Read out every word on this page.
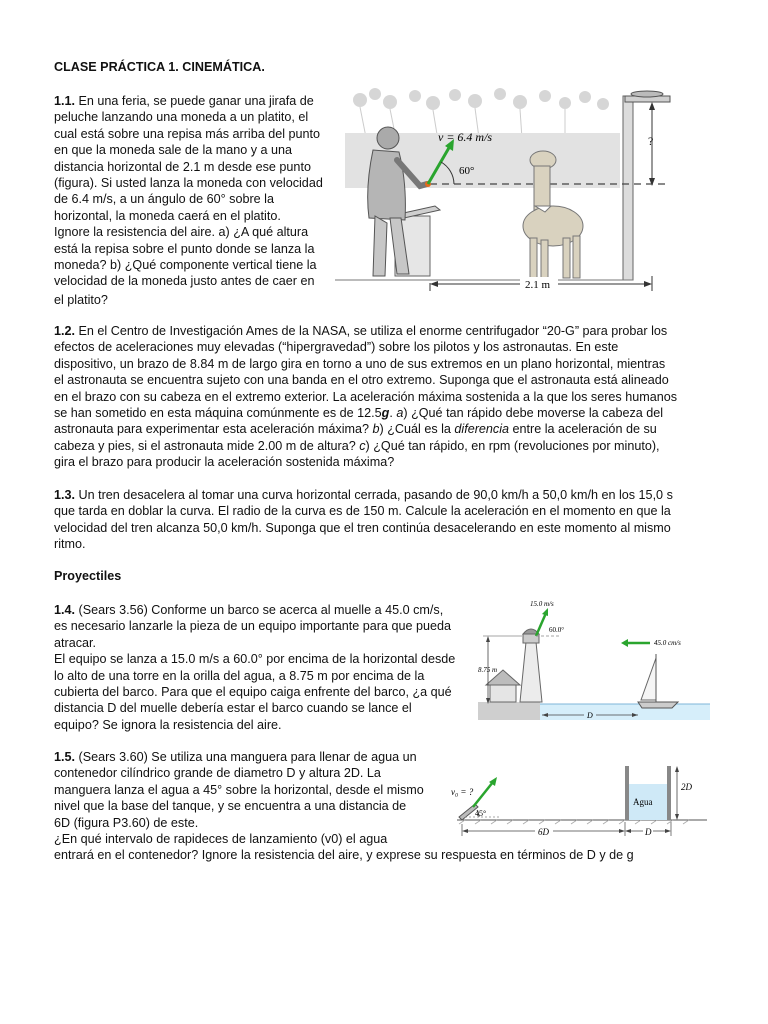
CLASE PRÁCTICA 1. CINEMÁTICA.
1.1. En una feria, se puede ganar una jirafa de
peluche lanzando una moneda a un platito, el
cual está sobre una repisa más arriba del punto
en que la moneda sale de la mano y a una
distancia horizontal de 2.1 m desde ese punto
(figura). Si usted lanza la moneda con velocidad
de 6.4 m/s, a un ángulo de 60° sobre la
horizontal, la moneda caerá en el platito.
Ignore la resistencia del aire. a) ¿A qué altura
está la repisa sobre el punto donde se lanza la
moneda? b) ¿Qué componente vertical tiene la
velocidad de la moneda justo antes de caer en
el platito?
?
60°
v = 6.4 m/s
2.1 m
1.2. En el Centro de Investigación Ames de la NASA, se utiliza el enorme centrifugador “20-G” para probar los
efectos de aceleraciones muy elevadas (“hipergravedad”) sobre los pilotos y los astronautas. En este
dispositivo, un brazo de 8.84 m de largo gira en torno a uno de sus extremos en un plano horizontal, mientras
el astronauta se encuentra sujeto con una banda en el otro extremo. Suponga que el astronauta está alineado
en el brazo con su cabeza en el extremo exterior. La aceleración máxima sostenida a la que los seres humanos
se han sometido en esta máquina comúnmente es de 12.5g. a) ¿Qué tan rápido debe moverse la cabeza del
astronauta para experimentar esta aceleración máxima? b) ¿Cuál es la diferencia entre la aceleración de su
cabeza y pies, si el astronauta mide 2.00 m de altura? c) ¿Qué tan rápido, en rpm (revoluciones por minuto),
gira el brazo para producir la aceleración sostenida máxima?
1.3. Un tren desacelera al tomar una curva horizontal cerrada, pasando de 90,0 km/h a 50,0 km/h en los 15,0 s
que tarda en doblar la curva. El radio de la curva es de 150 m. Calcule la aceleración en el momento en que la
velocidad del tren alcanza 50,0 km/h. Suponga que el tren continúa desacelerando en este momento al mismo
ritmo.
Proyectiles
1.4. (Sears 3.56) Conforme un barco se acerca al muelle a 45.0 cm/s,
es necesario lanzarle la pieza de un equipo importante para que pueda
atracar.
El equipo se lanza a 15.0 m/s a 60.0° por encima de la horizontal desde
lo alto de una torre en la orilla del agua, a 8.75 m por encima de la
cubierta del barco. Para que el equipo caiga enfrente del barco, ¿a qué
distancia D del muelle debería estar el barco cuando se lance el
equipo? Se ignora la resistencia del aire.
8.75 m
15.0 m/s
60.0°
45.0 cm/s
D
1.5. (Sears 3.60) Se utiliza una manguera para llenar de agua un
contenedor cilíndrico grande de diametro D y altura 2D. La
manguera lanza el agua a 45° sobre la horizontal, desde el mismo
nivel que la base del tanque, y se encuentra a una distancia de
6D (figura P3.60) de este.
¿En qué intervalo de rapideces de lanzamiento (v0) el agua
entrará en el contenedor? Ignore la resistencia del aire, y exprese su respuesta en términos de D y de g
v₀ = ?
45°
Agua
2D
6D	D
